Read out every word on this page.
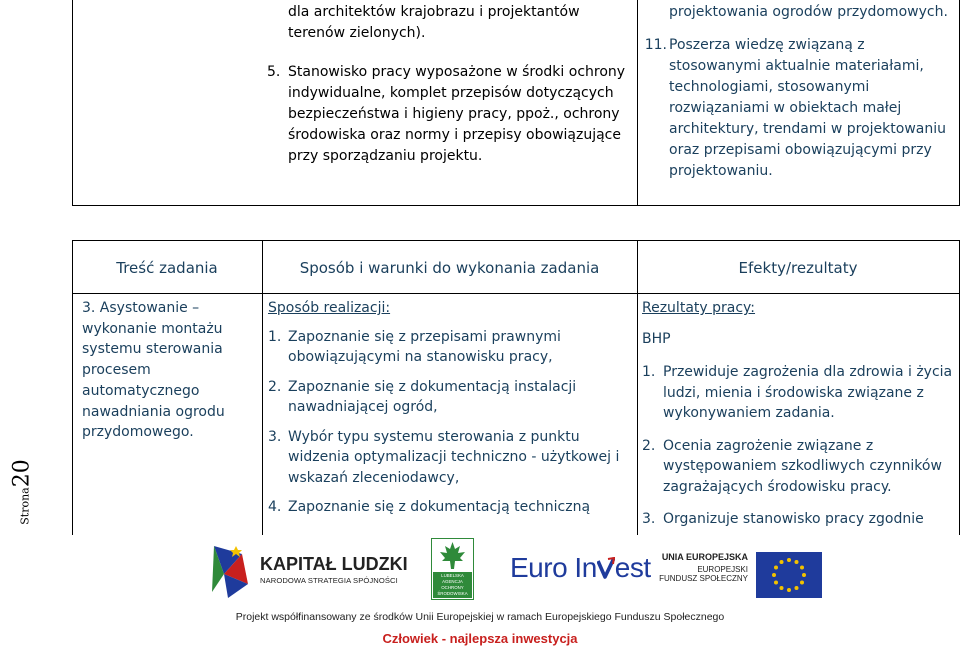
dla architektów krajobrazu i projektantów
terenów zielonych).
5. Stanowisko pracy wyposażone w środki ochrony indywidualne, komplet przepisów dotyczących bezpieczeństwa i higieny pracy, ppoż., ochrony środowiska oraz normy i przepisy obowiązujące przy sporządzaniu projektu.
projektowania ogrodów przydomowych.
11. Poszerza wiedzę związaną z stosowanymi aktualnie materiałami, technologiami, stosowanymi rozwiązaniami w obiektach małej architektury, trendami w projektowaniu oraz przepisami obowiązującymi przy projektowaniu.
Treść zadania	Sposób i warunki do wykonania zadania	Efekty/rezultaty
3. Asystowanie – wykonanie montażu systemu sterowania procesem automatycznego nawadniania ogrodu przydomowego.
Sposób realizacji:
1. Zapoznanie się z przepisami prawnymi obowiązującymi na stanowisku pracy,
2. Zapoznanie się z dokumentacją instalacji nawadniającej ogród,
3. Wybór typu systemu sterowania z punktu widzenia optymalizacji techniczno - użytkowej i wskazań zleceniodawcy,
4. Zapoznanie się z dokumentacją techniczną
Rezultaty pracy:
BHP
1. Przewiduje zagrożenia dla zdrowia i życia ludzi, mienia i środowiska związane z wykonywaniem zadania.
2. Ocenia zagrożenie związane z występowaniem szkodliwych czynników zagrażających środowisku pracy.
3. Organizuje stanowisko pracy zgodnie
Strona20
KAPITAŁ LUDZKI
NARODOWA STRATEGIA SPÓJNOŚCI
LUBELSKA
AGENCJA
OCHRONY
ŚRODOWISKA
Euro In est UNIA EUROPEJSKA
EUROPEJSKI
FUNDUSZ SPOŁECZNY
Projekt współfinansowany ze środków Unii Europejskiej w ramach Europejskiego Funduszu Społecznego
Człowiek - najlepsza inwestycja
